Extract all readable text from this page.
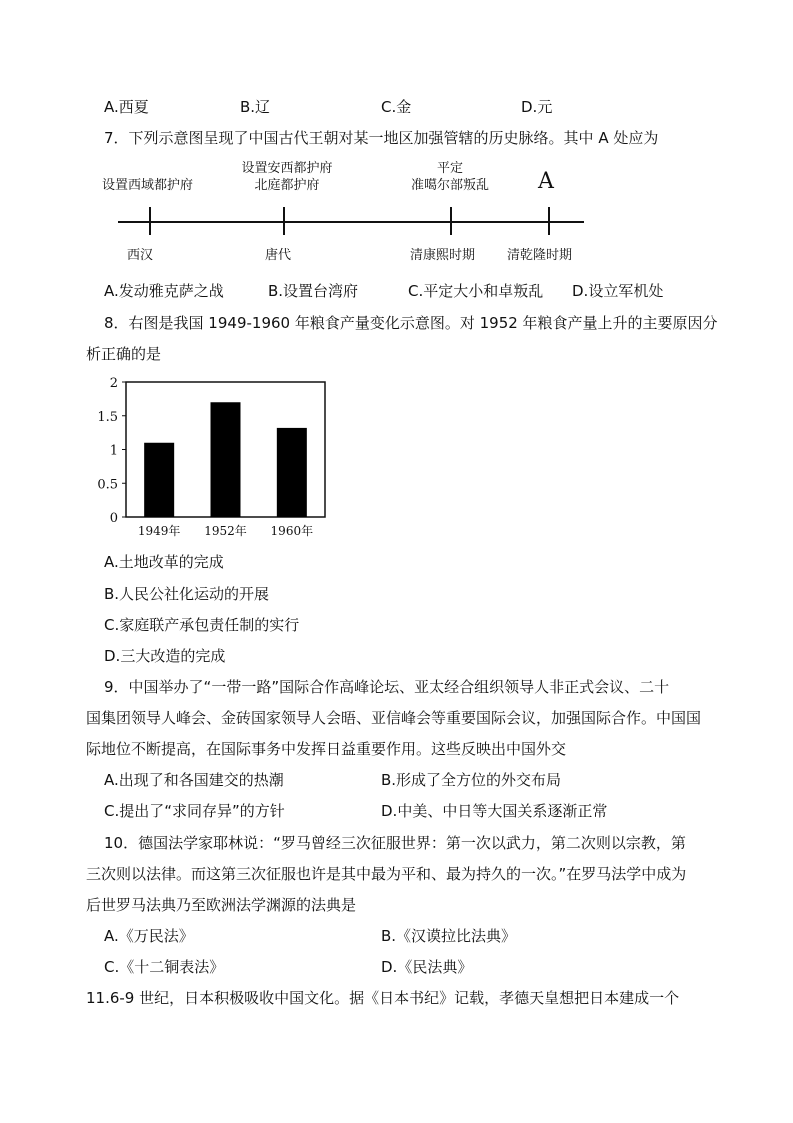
A.西夏	B.辽	C.金	D.元
7．下列示意图呈现了中国古代王朝对某一地区加强管辖的历史脉络。其中 A 处应为
设置西域都护府
设置安西都护府
北庭都护府
平定
准噶尔部叛乱	A
西汉	唐代	清康熙时期 清乾隆时期
A.发动雅克萨之战	B.设置台湾府	C.平定大小和卓叛乱 D.设立军机处
8．右图是我国 1949-1960 年粮食产量变化示意图。对 1952 年粮食产量上升的主要原因分
析正确的是
0
0.5
1
1.5
2
1949年 1952年 1960年
A.土地改革的完成
B.人民公社化运动的开展
C.家庭联产承包责任制的实行
D.三大改造的完成
9．中国举办了“一带一路”国际合作高峰论坛、亚太经合组织领导人非正式会议、二十
国集团领导人峰会、金砖国家领导人会晤、亚信峰会等重要国际会议，加强国际合作。中国国
际地位不断提高，在国际事务中发挥日益重要作用。这些反映出中国外交
A.出现了和各国建交的热潮	B.形成了全方位的外交布局
C.提出了“求同存异”的方针	D.中美、中日等大国关系逐渐正常
10．德国法学家耶林说：“罗马曾经三次征服世界：第一次以武力，第二次则以宗教，第
三次则以法律。而这第三次征服也许是其中最为平和、最为持久的一次。”在罗马法学中成为
后世罗马法典乃至欧洲法学渊源的法典是
A.《万民法》	B.《汉谟拉比法典》
C.《十二铜表法》	D.《民法典》
11.6-9 世纪，日本积极吸收中国文化。据《日本书纪》记载，孝德天皇想把日本建成一个
